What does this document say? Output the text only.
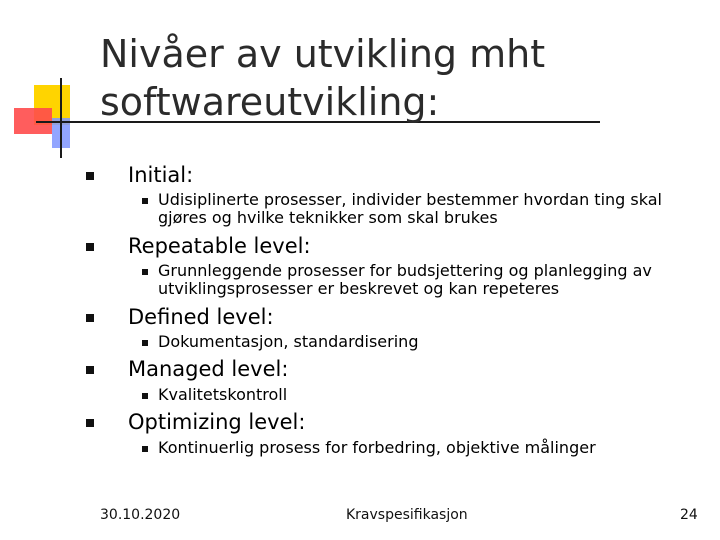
Nivåer av utvikling mht softwareutvikling:
Initial:
Udisiplinerte prosesser, individer bestemmer hvordan ting skal gjøres og hvilke teknikker som skal brukes
Repeatable level:
Grunnleggende prosesser for budsjettering og planlegging av utviklingsprosesser er beskrevet og kan repeteres
Defined level:
Dokumentasjon, standardisering
Managed level:
Kvalitetskontroll
Optimizing level:
Kontinuerlig prosess for forbedring, objektive målinger
30.10.2020	Kravspesifikasjon	24
